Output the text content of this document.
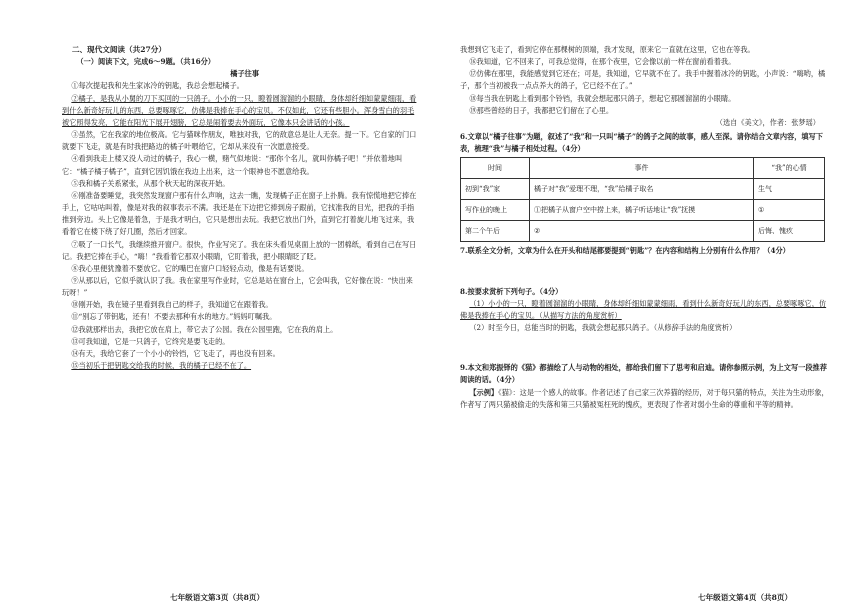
二、现代文阅读（共27分）

（一）阅读下文，完成6～9题。（共16分）

橘子往事

①每次提起我和先生家冰冷的钥匙，我总会想起橘子。

②橘子，是我从小舅的刀下买回的一只鸽子。小小的一只，瞪着圆溜溜的小眼睛，身体却纤细如蒙蒙细雨，看到什么新奇好玩儿的东西，总要啄啄它，仿佛是我捧在手心的宝贝。不仅如此，它还有些胆小。浑身雪白的羽毛被它照得发亮，它能在阳光下展开翅膀，它总是闹着要去外面玩，它像本只会讲话的小孩。

③虽然，它在我家的地位极高。它与猫咪作朋友，唯独对我，它的敌意总是让人无奈。提一下。它自家的门口就要下飞走，就是有时我把路边的橘子叶喂给它，它却从来没有一次愿意接受。

④看到我走上楼又没人动过的橘子，我心一横，赌气似地说：“那你个名儿，就叫你橘子吧！”并依着地叫它：“橘子橘子橘子”，直到它因饥饿在我边上出来，这一个眼神也不愿意给我。

⑤我和橘子关系紧张，从那个秋天起的深夜开始。

⑥刚准备要睡觉，我突然发现窗户那有什么声响，这去一瞧，发现橘子正在窗子上扑腾。我有惊慌地把它捧在手上，它咕咕叫着，像是对我的叙事表示不满。我还是在下边把它捧到房子跟前，它找准我的目光，把我的手指推到旁边。头上它像是着急，于是我才明白，它只是想出去玩。我把它放出门外，直到它打着旋儿地飞过来，我看着它在楼下绕了好几圈，然后才回家。

⑦吸了一口长气，我继续推开窗户。很快，作业写完了。我在床头看见桌面上放的一团棉纸，看到自己在写日记。我把它捧在手心，“嗨！”我看着它那双小眼睛，它盯着我，把小眼睛眨了眨。

⑧我心里便犹豫着不要放它。它的嘴巴在窗户口轻轻点动，像是有话要说。

⑨从那以后，它似乎就认识了我。我在家里写作业时，它总是站在窗台上，它会叫我，它好像在说：“快出来玩呀！”

⑩刚开始，我在镜子里看到我自己的样子，我知道它在跟着我。

⑪“别忘了带钥匙，还有！不要去那种有水的地方。”妈妈叮嘱我。

⑫我就那样出去，我把它放在肩上，带它去了公园。我在公园里跑，它在我的肩上。

⑬可我知道，它是一只鸽子，它终究是要飞走的。

⑭有天，我给它套了一个小小的铃铛，它飞走了，再也没有回来。

⑮当初乐于把钥匙交给我的时候，我的橘子已经不在了。

七年级语文第3页（共8页）

我想到它飞走了，看到它停在那棵树的顶端，我才发现，原来它一直就在这里，它也在等我。

⑯我知道，它不回来了，可我总觉得，在那个夜里，它会像以前一样在窗前看着我。

⑰仿佛在那里，我能感觉到它还在；可是，我知道，它早就不在了。我手中握着冰冷的钥匙，小声说：“嗨哟，橘子，那个当初被我一点点养大的鸽子，它已经不在了。”

⑱每当我在钥匙上看到那个铃铛，我就会想起那只鸽子，想起它那圆溜溜的小眼睛。

⑲那些曾经的日子，我都把它们留在了心里。

（选自《美文》，作者：张梦瑶）

6.文章以“橘子往事”为题，叙述了“我”和一只叫“橘子”的鸽子之间的故事，感人至深。请你结合文章内容，填写下表，梳理“我”与橘子相处过程。（4分）

时间	事件	“我”的心情
初到“我”家	橘子对“我”爱理不理，“我”给橘子取名	生气
写作业的晚上	①把橘子从窗户空中捞上来，橘子听话地让“我”抚摸	①
第二个午后	②	后悔、愧疚

7.联系全文分析，文章为什么在开头和结尾都要提到“钥匙”？在内容和结构上分别有什么作用？（4分）

8.按要求赏析下列句子。（4分）

（1）小小的一只，瞪着圆溜溜的小眼睛，身体却纤细如蒙蒙细雨，看到什么新奇好玩儿的东西，总要啄啄它，仿佛是我捧在手心的宝贝。（从描写方法的角度赏析）

（2）时至今日，总能当时的钥匙，我就会想起那只鸽子。（从修辞手法的角度赏析）

9.本文和郑振铎的《猫》都描绘了人与动物的相处，都给我们留下了思考和启迪。请你参照示例，为上文写一段推荐阅读的话。（4分）

【示例】《猫》：这是一个感人的故事。作者记述了自己家三次养猫的经历，对于每只猫的特点，关注为生动形象，作者写了两只猫被偷走的失落和第三只猫被冤枉死的愧疚，更表现了作者对弱小生命的尊重和平等的精神。

七年级语文第4页（共8页）
